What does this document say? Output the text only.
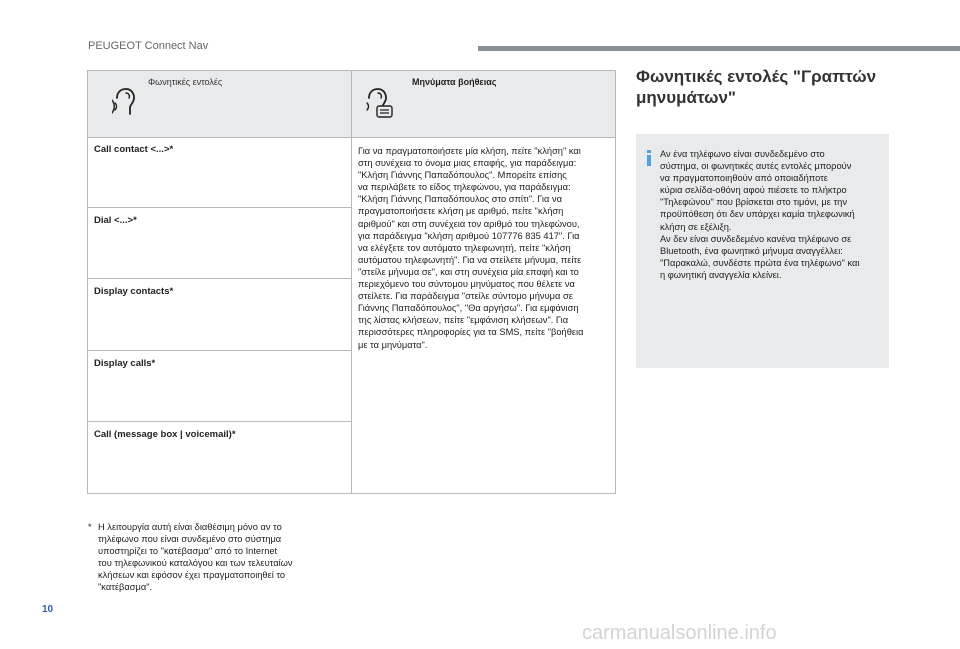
PEUGEOT Connect Nav
Φωνητικές εντολές	Μηνύματα βοήθειας
Call contact <...>*
Dial <...>*
Display contacts*
Display calls*
Call (message box | voicemail)*
Για να πραγματοποιήσετε μία κλήση, πείτε "κλήση" και
στη συνέχεια το όνομα μιας επαφής, για παράδειγμα:
"Κλήση Γιάννης Παπαδόπουλος". Μπορείτε επίσης
να περιλάβετε το είδος τηλεφώνου, για παράδειγμα:
"Κλήση Γιάννης Παπαδόπουλος στο σπίτι". Για να
πραγματοποιήσετε κλήση με αριθμό, πείτε "κλήση
αριθμού" και στη συνέχεια τον αριθμό του τηλεφώνου,
για παράδειγμα "κλήση αριθμού 107776 835 417". Για
να ελέγξετε τον αυτόματο τηλεφωνητή, πείτε "κλήση
αυτόματου τηλεφωνητή". Για να στείλετε μήνυμα, πείτε
"στείλε μήνυμα σε", και στη συνέχεια μία επαφή και το
περιεχόμενο του σύντομου μηνύματος που θέλετε να
στείλετε. Για παράδειγμα "στείλε σύντομο μήνυμα σε
Γιάννης Παπαδόπουλος", "Θα αργήσω". Για εμφάνιση
της λίστας κλήσεων, πείτε "εμφάνιση κλήσεων". Για
περισσότερες πληροφορίες για τα SMS, πείτε "βοήθεια
με τα μηνύματα".
* Η λειτουργία αυτή είναι διαθέσιμη μόνο αν το
τηλέφωνο που είναι συνδεμένο στο σύστημα
υποστηρίζει το "κατέβασμα" από το Internet
του τηλεφωνικού καταλόγου και των τελευταίων
κλήσεων και εφόσον έχει πραγματοποιηθεί το
"κατέβασμα".
Φωνητικές εντολές "Γραπτών
μηνυμάτων"
Αν ένα τηλέφωνο είναι συνδεδεμένο στο
σύστημα, οι φωνητικές αυτές εντολές μπορούν
να πραγματοποιηθούν από οποιαδήποτε
κύρια σελίδα-οθόνη αφού πιέσετε το πλήκτρο
"Τηλεφώνου" που βρίσκεται στο τιμόνι, με την
προϋπόθεση ότι δεν υπάρχει καμία τηλεφωνική
κλήση σε εξέλιξη.
Αν δεν είναι συνδεδεμένο κανένα τηλέφωνο σε
Bluetooth, ένα φωνητικό μήνυμα αναγγέλλει:
"Παρακαλώ, συνδέστε πρώτα ένα τηλέφωνο" και
η φωνητική αναγγελία κλείνει.
10
carmanualsonline.info
